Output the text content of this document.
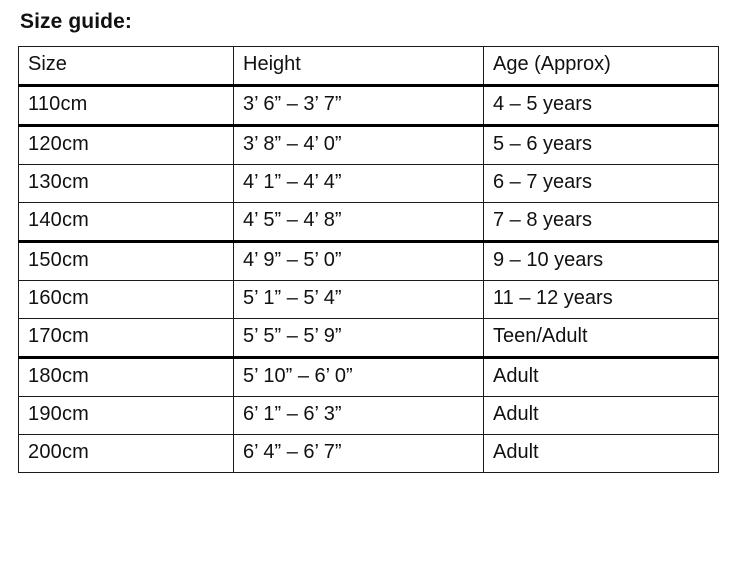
Size guide:
Size	Height	Age (Approx)
110cm	3’ 6” – 3’ 7”	4 – 5 years
120cm	3’ 8” – 4’ 0”	5 – 6 years
130cm	4’ 1” – 4’ 4”	6 – 7 years
140cm	4’ 5” – 4’ 8”	7 – 8 years
150cm	4’ 9” – 5’ 0”	9 – 10 years
160cm	5’ 1” – 5’ 4”	11 – 12 years
170cm	5’ 5” – 5’ 9”	Teen/Adult
180cm	5’ 10” – 6’ 0”	Adult
190cm	6’ 1” – 6’ 3”	Adult
200cm	6’ 4” – 6’ 7”	Adult
